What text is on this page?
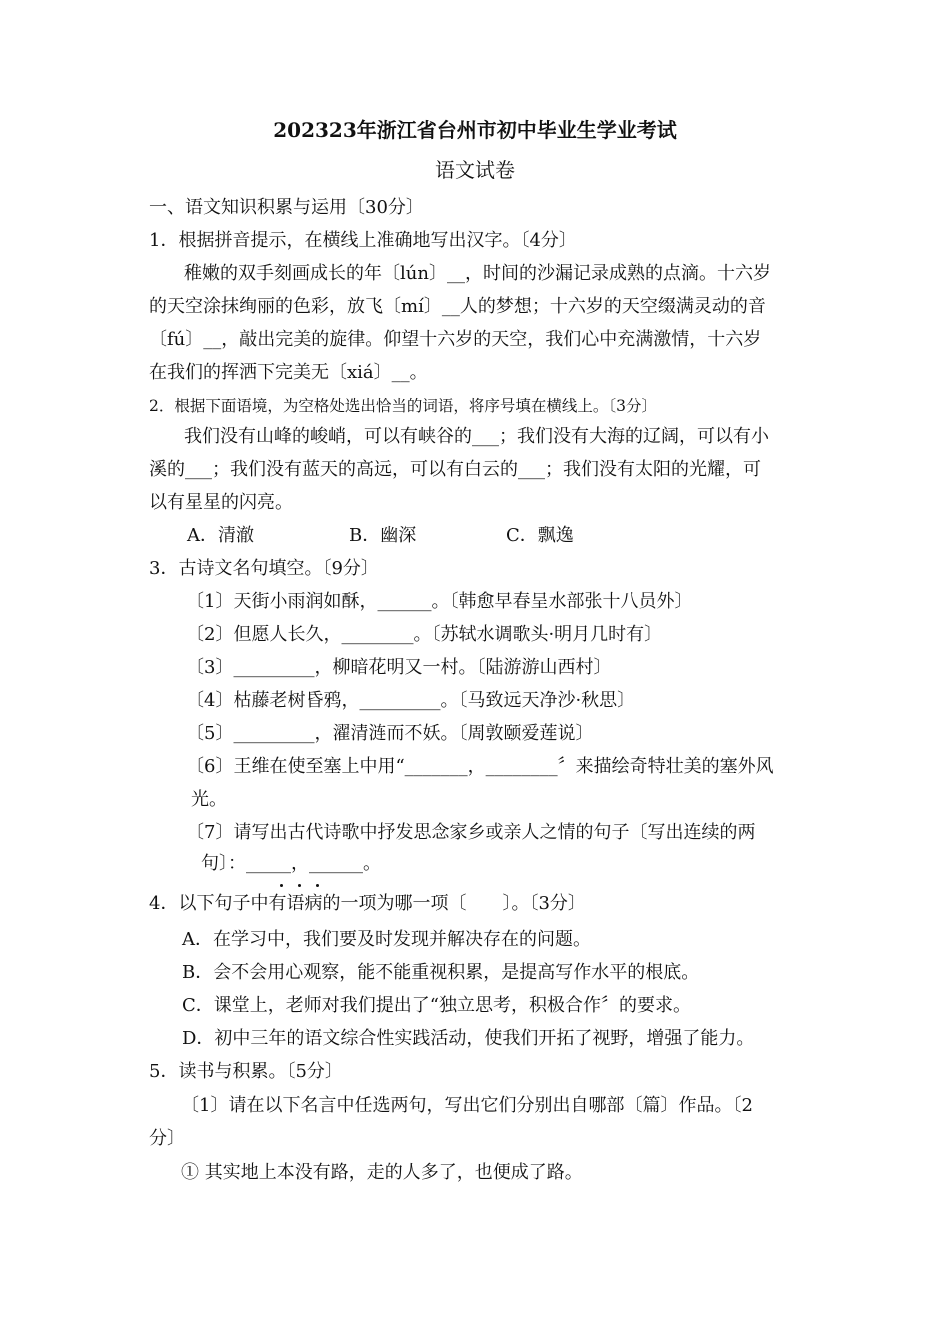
202323年浙江省台州市初中毕业生学业考试
语文试卷
一、语文知识积累与运用〔30分〕
1．根据拼音提示，在横线上准确地写出汉字。〔4分〕
稚嫩的双手刻画成长的年〔lún〕__，时间的沙漏记录成熟的点滴。十六岁
的天空涂抹绚丽的色彩，放飞〔mí〕__人的梦想；十六岁的天空缀满灵动的音
〔fú〕__，敲出完美的旋律。仰望十六岁的天空，我们心中充满激情，十六岁
在我们的挥洒下完美无〔xiá〕__。
2．根据下面语境，为空格处选出恰当的词语，将序号填在横线上。〔3分〕
我们没有山峰的峻峭，可以有峡谷的___；我们没有大海的辽阔，可以有小
溪的___；我们没有蓝天的高远，可以有白云的___；我们没有太阳的光耀，可
以有星星的闪亮。
A．清澈	B．幽深	C．飘逸
3．古诗文名句填空。〔9分〕
〔1〕天街小雨润如酥，______。〔韩愈早春呈水部张十八员外〕
〔2〕但愿人长久，________。〔苏轼水调歌头·明月几时有〕
〔3〕_________，柳暗花明又一村。〔陆游游山西村〕
〔4〕枯藤老树昏鸦，_________。〔马致远天净沙·秋思〕
〔5〕_________，濯清涟而不妖。〔周敦颐爱莲说〕
〔6〕王维在使至塞上中用“_______，________〞来描绘奇特壮美的塞外风
光。
〔7〕请写出古代诗歌中抒发思念家乡或亲人之情的句子〔写出连续的两
句〕：_____，______。
4．以下句子中有语病的一项为哪一项〔　　〕。〔3分〕
A．在学习中，我们要及时发现并解决存在的问题。
B．会不会用心观察，能不能重视积累，是提高写作水平的根底。
C．课堂上，老师对我们提出了“独立思考，积极合作〞的要求。
D．初中三年的语文综合性实践活动，使我们开拓了视野，增强了能力。
5．读书与积累。〔5分〕
〔1〕请在以下名言中任选两句，写出它们分别出自哪部〔篇〕作品。〔2
分〕
① 其实地上本没有路，走的人多了，也便成了路。
